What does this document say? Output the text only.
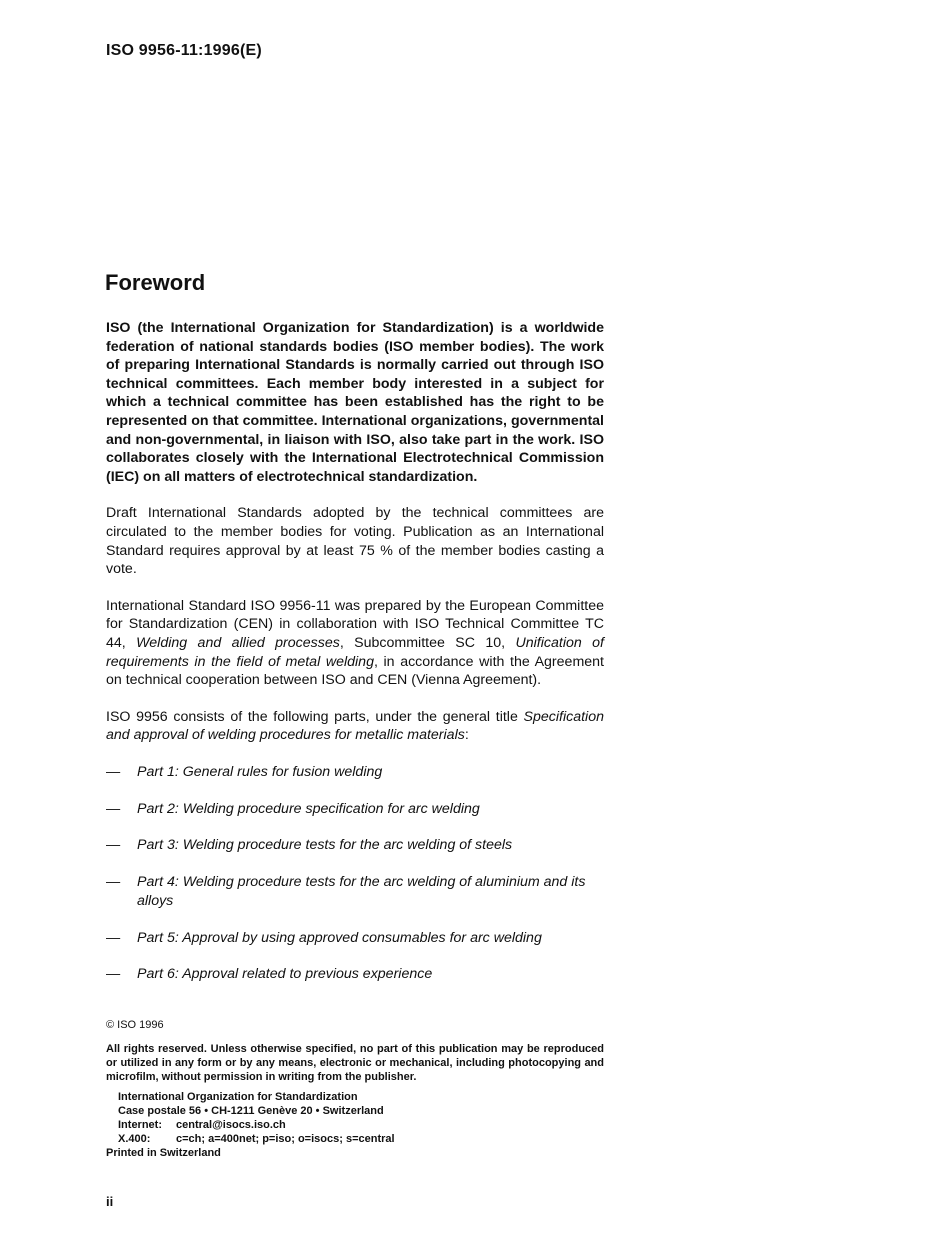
ISO 9956-11:1996(E)
Foreword

ISO (the International Organization for Standardization) is a worldwide federation of national standards bodies (ISO member bodies). The work of preparing International Standards is normally carried out through ISO technical committees. Each member body interested in a subject for which a technical committee has been established has the right to be represented on that committee. International organizations, governmental and non-governmental, in liaison with ISO, also take part in the work. ISO collaborates closely with the International Electrotechnical Commission (IEC) on all matters of electrotechnical standardization.

Draft International Standards adopted by the technical committees are circulated to the member bodies for voting. Publication as an International Standard requires approval by at least 75 % of the member bodies casting a vote.

International Standard ISO 9956-11 was prepared by the European Committee for Standardization (CEN) in collaboration with ISO Technical Committee TC 44, Welding and allied processes, Subcommittee SC 10, Unification of requirements in the field of metal welding, in accordance with the Agreement on technical cooperation between ISO and CEN (Vienna Agreement).

ISO 9956 consists of the following parts, under the general title Specification and approval of welding procedures for metallic materials:

— Part 1: General rules for fusion welding
— Part 2: Welding procedure specification for arc welding
— Part 3: Welding procedure tests for the arc welding of steels
— Part 4: Welding procedure tests for the arc welding of aluminium and its alloys
— Part 5: Approval by using approved consumables for arc welding
— Part 6: Approval related to previous experience
© ISO 1996
All rights reserved. Unless otherwise specified, no part of this publication may be reproduced or utilized in any form or by any means, electronic or mechanical, including photocopying and microfilm, without permission in writing from the publisher.
International Organization for Standardization
Case postale 56 • CH-1211 Genève 20 • Switzerland
Internet: central@isocs.iso.ch
X.400: c=ch; a=400net; p=iso; o=isocs; s=central
Printed in Switzerland
ii
